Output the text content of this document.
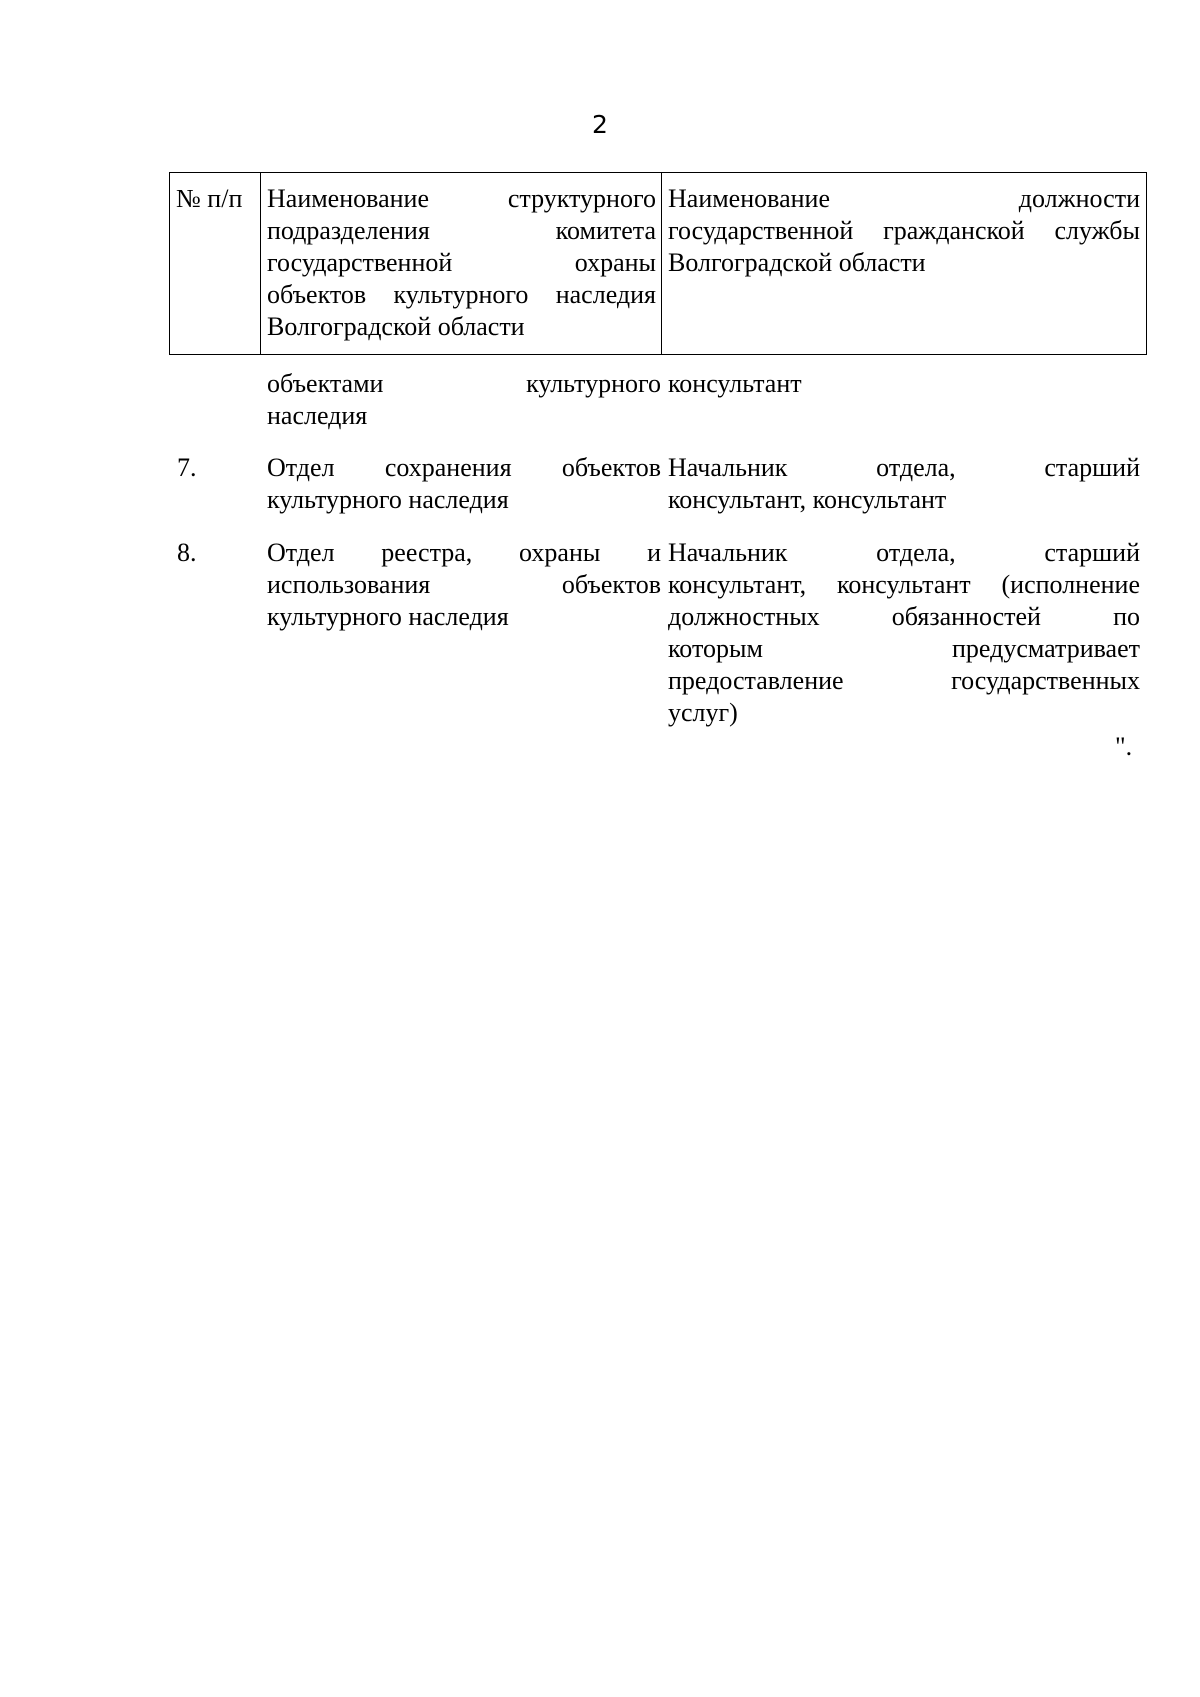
2
№ п/п Наименование структурного
подразделения комитета
государственной охраны
объектов культурного наследия
Волгоградской области
Наименование должности
государственной гражданской службы
Волгоградской области
объектами культурного
наследия
консультант
7.	Отдел сохранения объектов
культурного наследия
Начальник отдела, старший
консультант, консультант
8.	Отдел реестра, охраны и
использования объектов
культурного наследия
Начальник отдела, старший
консультант, консультант (исполнение
должностных обязанностей по
которым предусматривает
предоставление государственных
услуг)
".
